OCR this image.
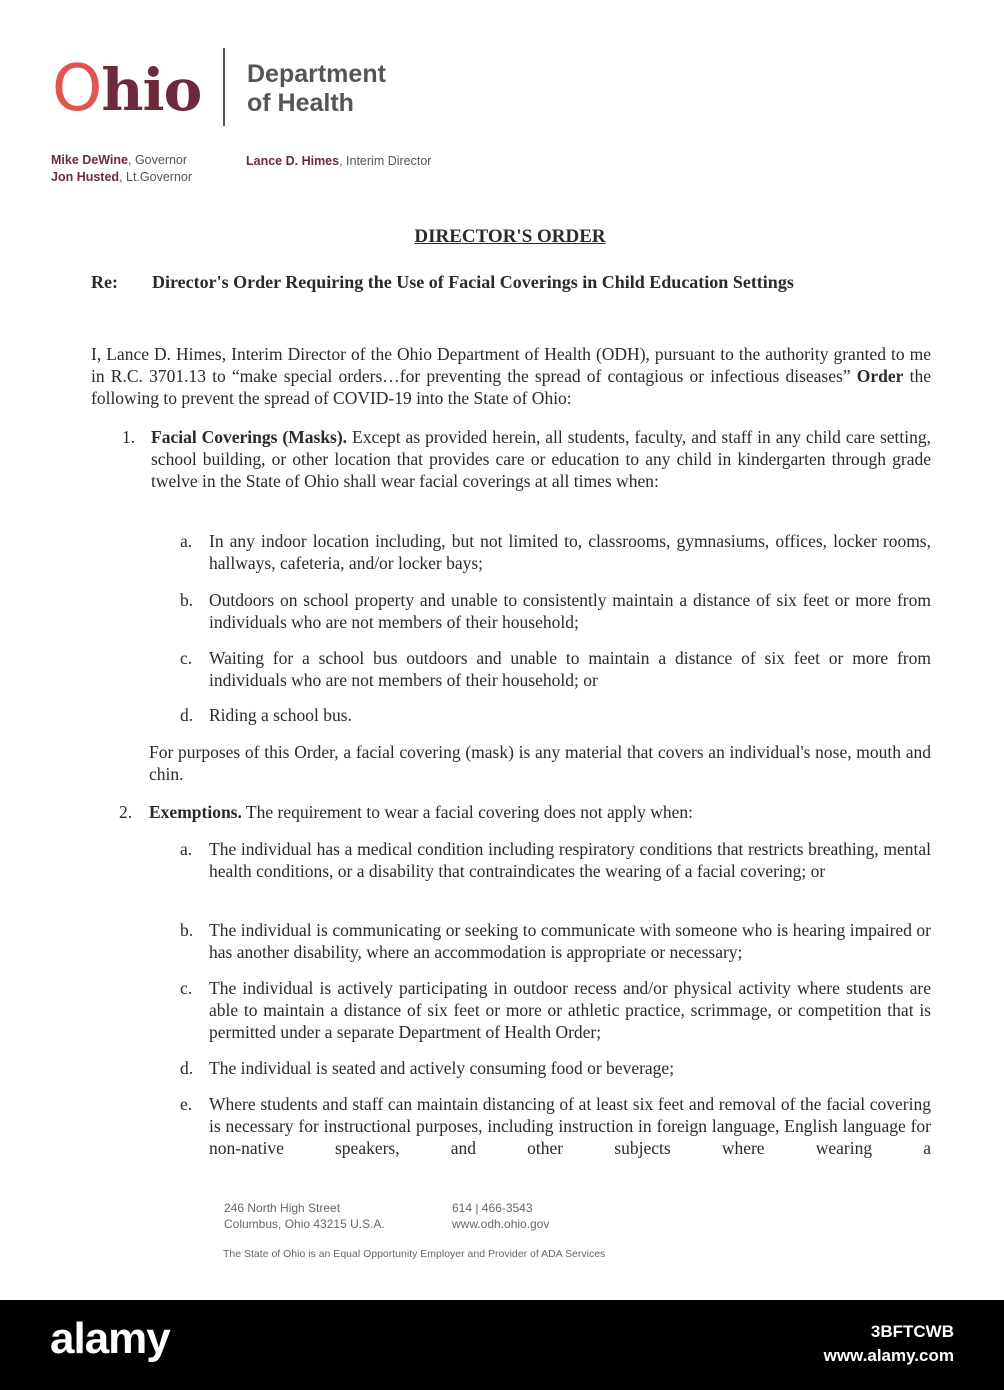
Ohio Department
of Health
Mike DeWine, Governor
Jon Husted, Lt.Governor
Lance D. Himes, Interim Director
DIRECTOR'S ORDER
Re: Director's Order Requiring the Use of Facial Coverings in Child Education Settings

I, Lance D. Himes, Interim Director of the Ohio Department of Health (ODH), pursuant to the authority granted to me in R.C. 3701.13 to “make special orders…for preventing the spread of contagious or infectious diseases” Order the following to prevent the spread of COVID-19 into the State of Ohio:

1. Facial Coverings (Masks). Except as provided herein, all students, faculty, and staff in any child care setting, school building, or other location that provides care or education to any child in kindergarten through grade twelve in the State of Ohio shall wear facial coverings at all times when:

a. In any indoor location including, but not limited to, classrooms, gymnasiums, offices, locker rooms, hallways, cafeteria, and/or locker bays;

b. Outdoors on school property and unable to consistently maintain a distance of six feet or more from individuals who are not members of their household;

c. Waiting for a school bus outdoors and unable to maintain a distance of six feet or more from individuals who are not members of their household; or

d. Riding a school bus.

For purposes of this Order, a facial covering (mask) is any material that covers an individual's nose, mouth and chin.

2. Exemptions. The requirement to wear a facial covering does not apply when:

a. The individual has a medical condition including respiratory conditions that restricts breathing, mental health conditions, or a disability that contraindicates the wearing of a facial covering; or

b. The individual is communicating or seeking to communicate with someone who is hearing impaired or has another disability, where an accommodation is appropriate or necessary;

c. The individual is actively participating in outdoor recess and/or physical activity where students are able to maintain a distance of six feet or more or athletic practice, scrimmage, or competition that is permitted under a separate Department of Health Order;

d. The individual is seated and actively consuming food or beverage;

e. Where students and staff can maintain distancing of at least six feet and removal of the facial covering is necessary for instructional purposes, including instruction in foreign language, English language for non-native speakers, and other subjects where wearing a

246 North High Street
Columbus, Ohio 43215 U.S.A.
614 | 466-3543
www.odh.ohio.gov
The State of Ohio is an Equal Opportunity Employer and Provider of ADA Services
alamy	3BFTCWB
www.alamy.com
